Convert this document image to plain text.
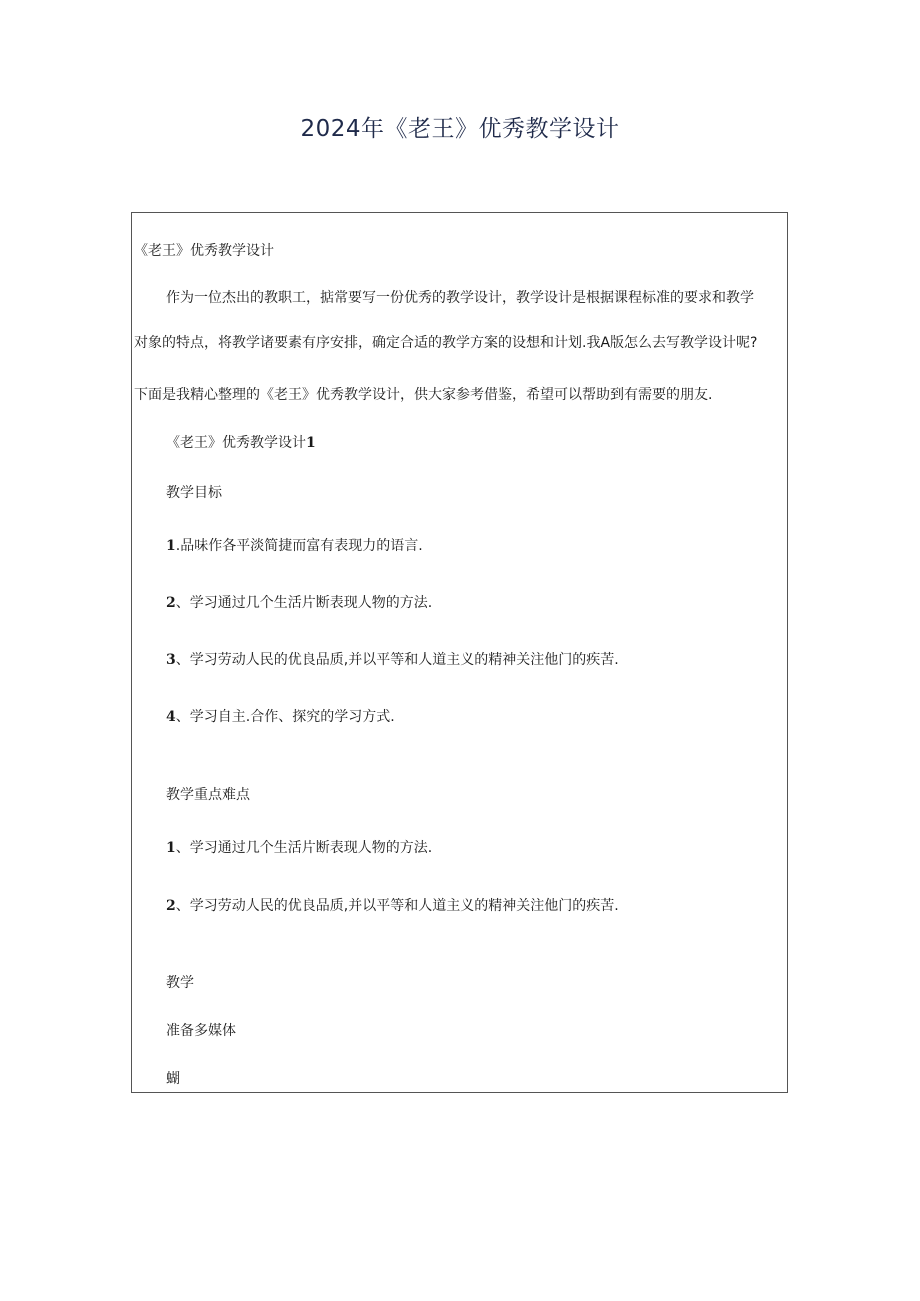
2024年《老王》优秀教学设计
《老王》优秀教学设计
作为一位杰出的教职工，掂常要写一份优秀的教学设计，教学设计是根据课程标准的要求和教学
对象的特点，将教学诸要素有序安排，确定合适的教学方案的设想和计划.我A版怎么去写教学设计呢?
下面是我精心整理的《老王》优秀教学设计，供大家参考借鉴，希望可以帮助到有需要的朋友.
《老王》优秀教学设计1
教学目标
1.品味作各平淡简捷而富有表现力的语言.
2、学习通过几个生活片断表现人物的方法.
3、学习劳动人民的优良品质,并以平等和人道主义的精神关注他门的疾苦.
4、学习自主.合作、探究的学习方式.
教学重点难点
1、学习通过几个生活片断表现人物的方法.
2、学习劳动人民的优良品质,并以平等和人道主义的精神关注他门的疾苦.
教学
准备多媒体
蝴
